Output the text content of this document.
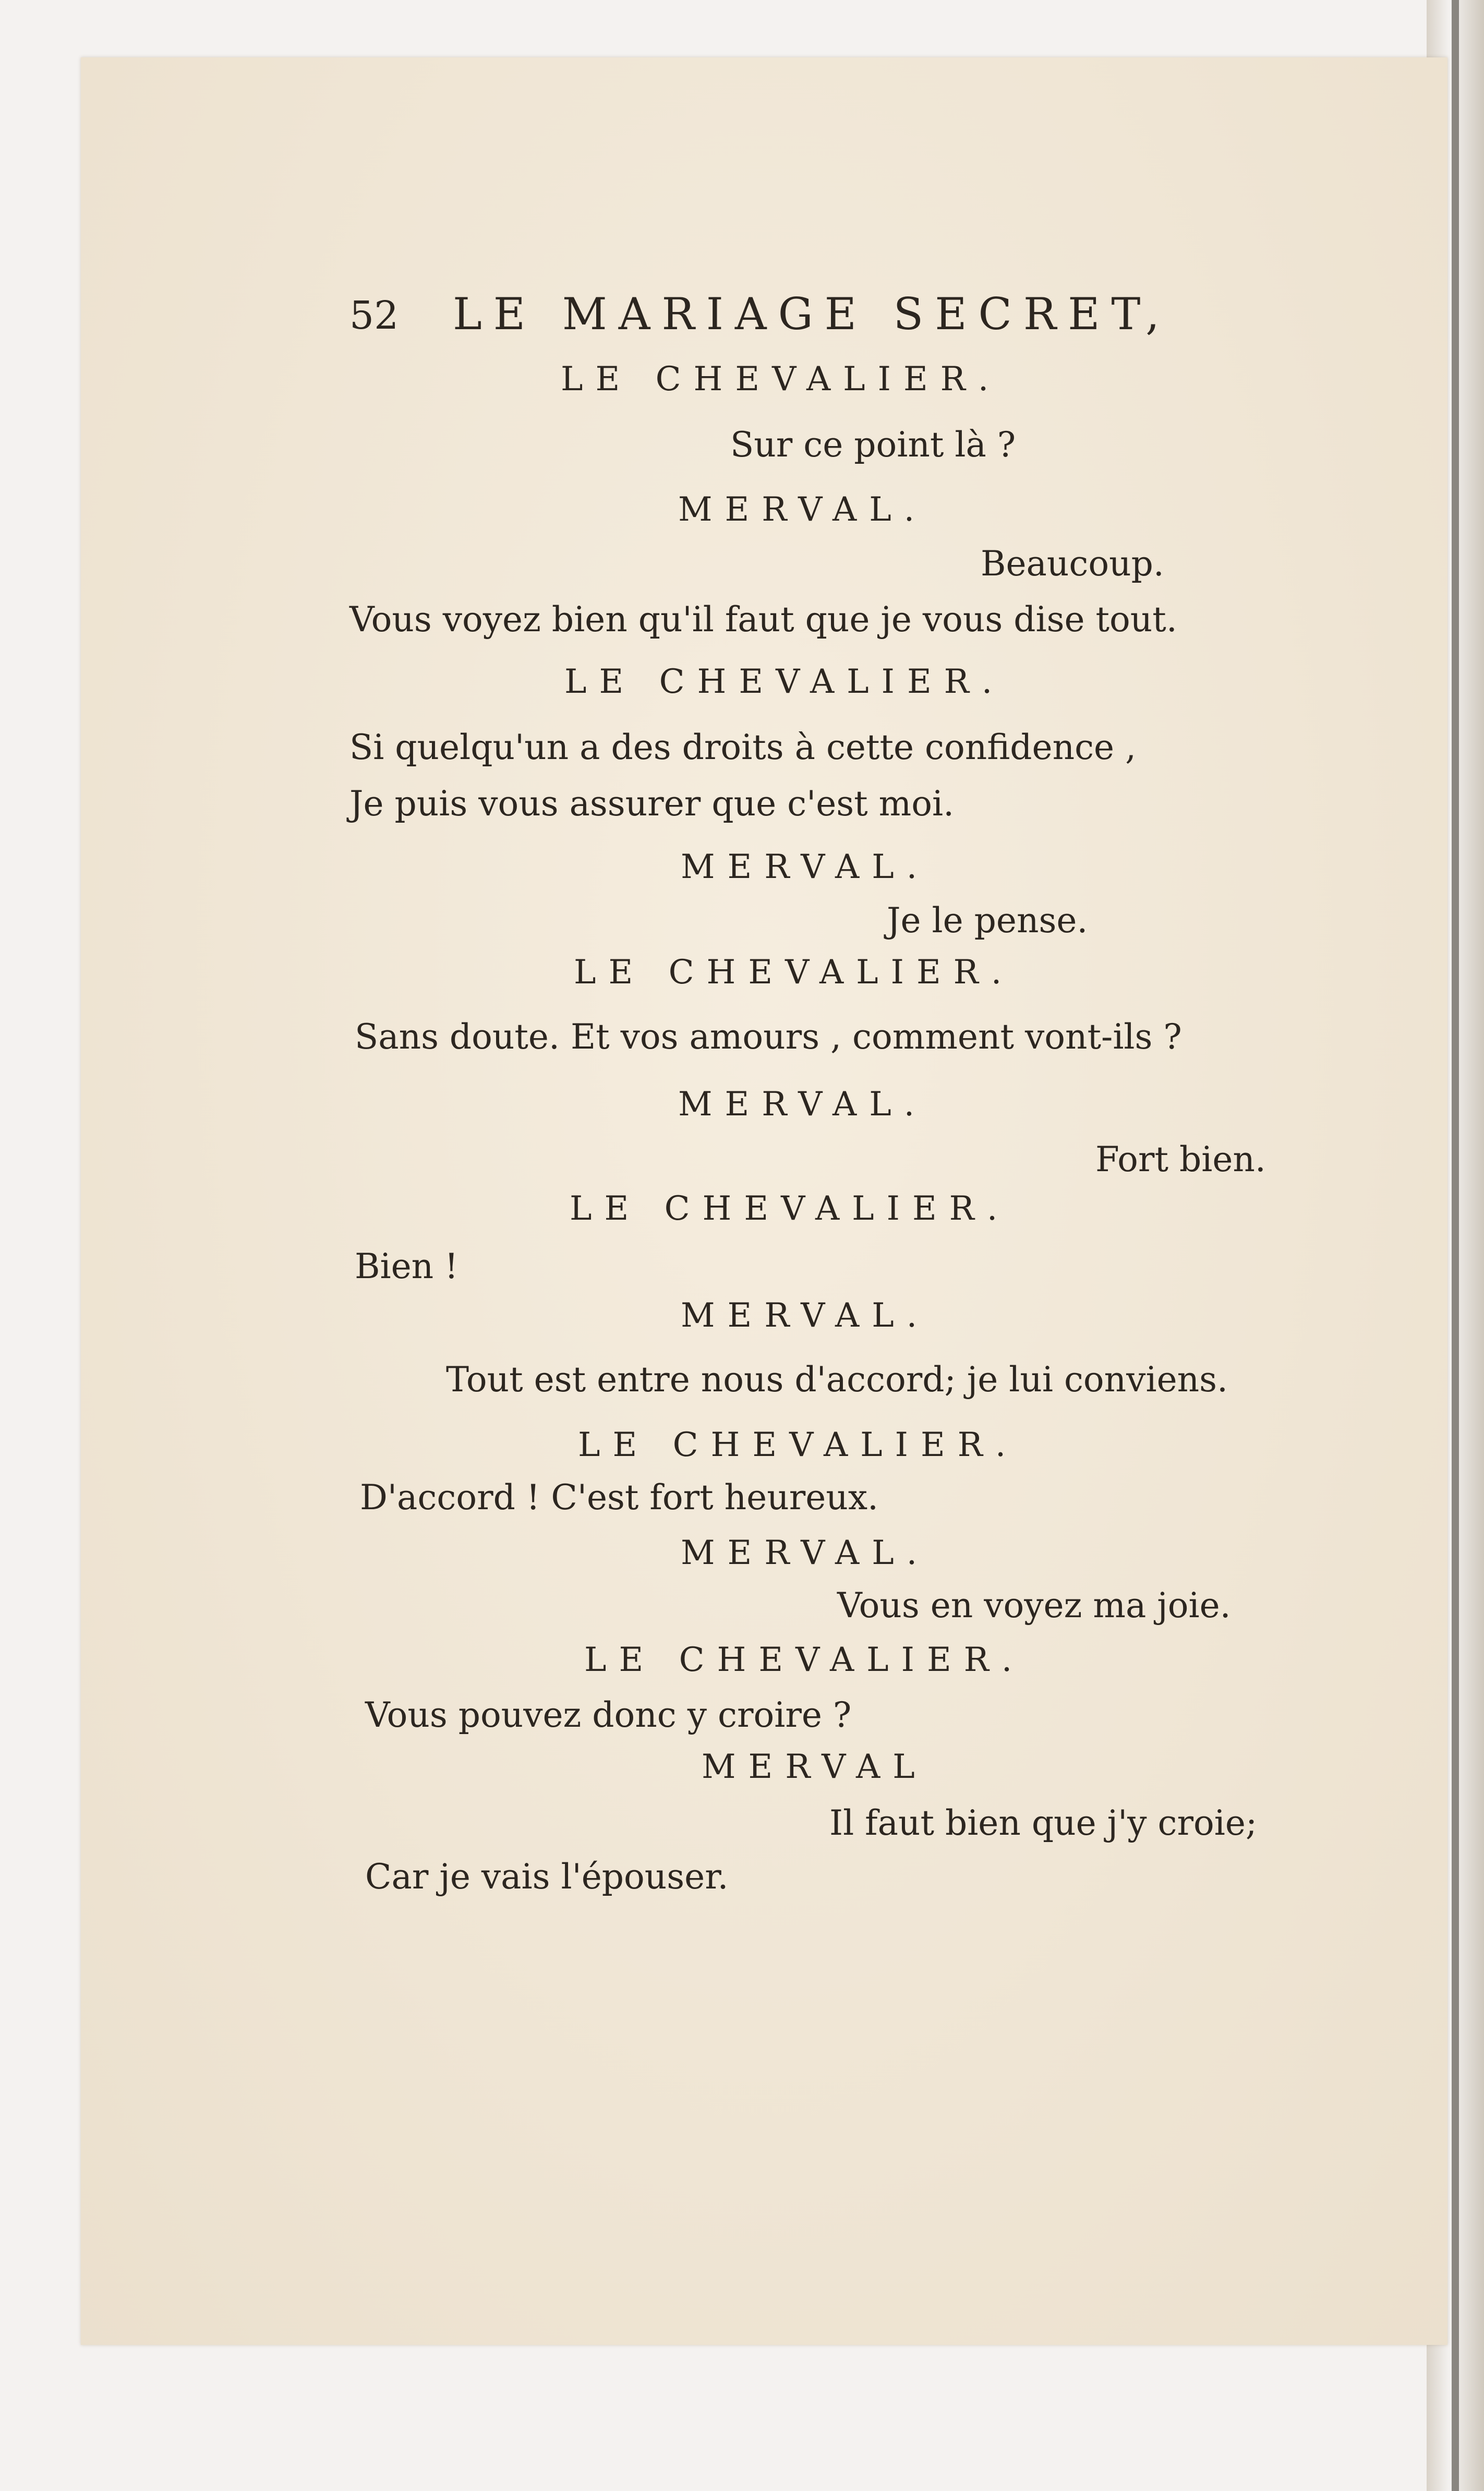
52 LE MARIAGE SECRET,
LE CHEVALIER.
Sur ce point là ?
MERVAL.
Beaucoup.
Vous voyez bien qu'il faut que je vous dise tout.
LE CHEVALIER.
Si quelqu'un a des droits à cette confidence ,
Je puis vous assurer que c'est moi.
MERVAL.
Je le pense.
LE CHEVALIER.
Sans doute. Et vos amours , comment vont-ils ?
MERVAL.
Fort bien.
LE CHEVALIER.
Bien !
MERVAL.
Tout est entre nous d'accord; je lui conviens.
LE CHEVALIER.
D'accord ! C'est fort heureux.
MERVAL.
Vous en voyez ma joie.
LE CHEVALIER.
Vous pouvez donc y croire ?
MERVAL
Il faut bien que j'y croie;
Car je vais l'épouser.
